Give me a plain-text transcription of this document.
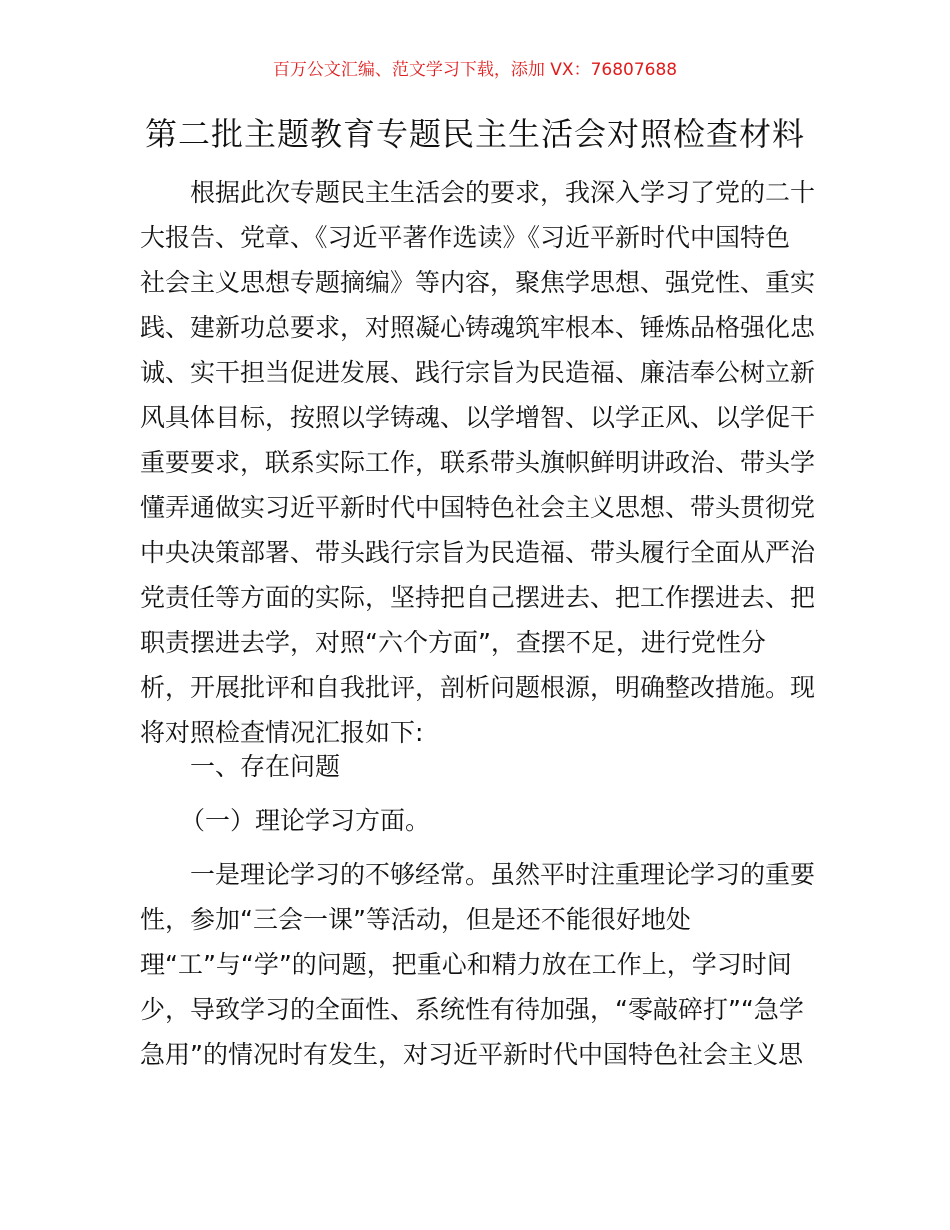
百万公文汇编、范文学习下载，添加 VX：76807688
第二批主题教育专题民主生活会对照检查材料
根据此次专题民主生活会的要求，我深入学习了党的二十
大报告、党章、《习近平著作选读》《习近平新时代中国特色
社会主义思想专题摘编》等内容，聚焦学思想、强党性、重实
践、建新功总要求，对照凝心铸魂筑牢根本、锤炼品格强化忠
诚、实干担当促进发展、践行宗旨为民造福、廉洁奉公树立新
风具体目标，按照以学铸魂、以学增智、以学正风、以学促干
重要要求，联系实际工作，联系带头旗帜鲜明讲政治、带头学
懂弄通做实习近平新时代中国特色社会主义思想、带头贯彻党
中央决策部署、带头践行宗旨为民造福、带头履行全面从严治
党责任等方面的实际，坚持把自己摆进去、把工作摆进去、把
职责摆进去学，对照“六个方面”，查摆不足，进行党性分
析，开展批评和自我批评，剖析问题根源，明确整改措施。现
将对照检查情况汇报如下:
一、存在问题
（一）理论学习方面。
一是理论学习的不够经常。虽然平时注重理论学习的重要
性，参加“三会一课”等活动，但是还不能很好地处
理“工”与“学”的问题，把重心和精力放在工作上，学习时间
少，导致学习的全面性、系统性有待加强，“零敲碎打”“急学
急用”的情况时有发生，对习近平新时代中国特色社会主义思
